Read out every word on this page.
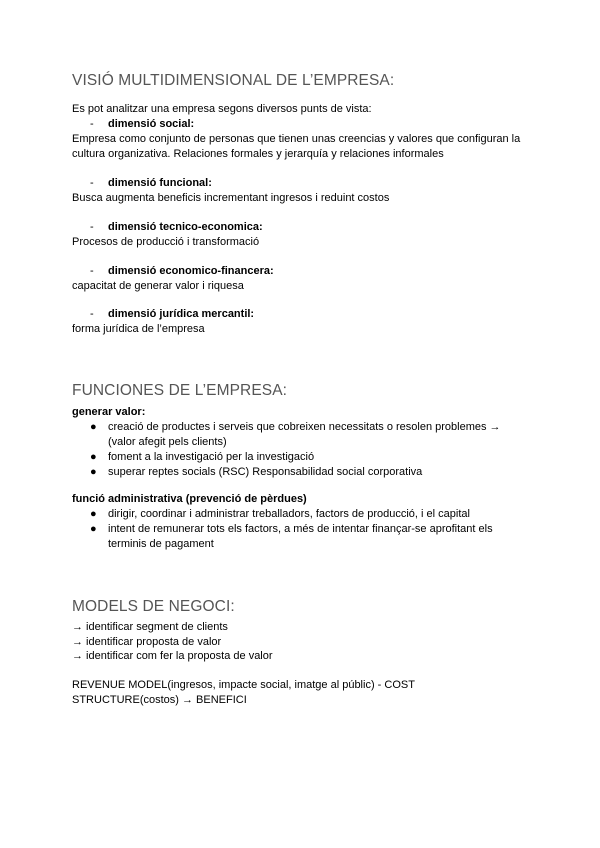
VISIÓ MULTIDIMENSIONAL DE L’EMPRESA:
Es pot analitzar una empresa segons diversos punts de vista:
- dimensió social:
Empresa como conjunto de personas que tienen unas creencias y valores que configuran la
cultura organizativa. Relaciones formales y jerarquía y relaciones informales
- dimensió funcional:
Busca augmenta beneficis incrementant ingresos i reduint costos
- dimensió tecnico-economica:
Procesos de producció i transformació
- dimensió economico-financera:
capacitat de generar valor i riquesa
- dimensió jurídica mercantil:
forma jurídica de l’empresa
FUNCIONES DE L’EMPRESA:
generar valor:
● creació de productes i serveis que cobreixen necessitats o resolen problemes → (valor afegit pels clients)
● foment a la investigació per la investigació
● superar reptes socials (RSC) Responsabilidad social corporativa
funció administrativa (prevenció de pèrdues)
● dirigir, coordinar i administrar treballadors, factors de producció, i el capital
● intent de remunerar tots els factors, a més de intentar finançar-se aprofitant els terminis de pagament
MODELS DE NEGOCI:
→ identificar segment de clients
→ identificar proposta de valor
→ identificar com fer la proposta de valor
REVENUE MODEL(ingresos, impacte social, imatge al públic) - COST STRUCTURE(costos) → BENEFICI
